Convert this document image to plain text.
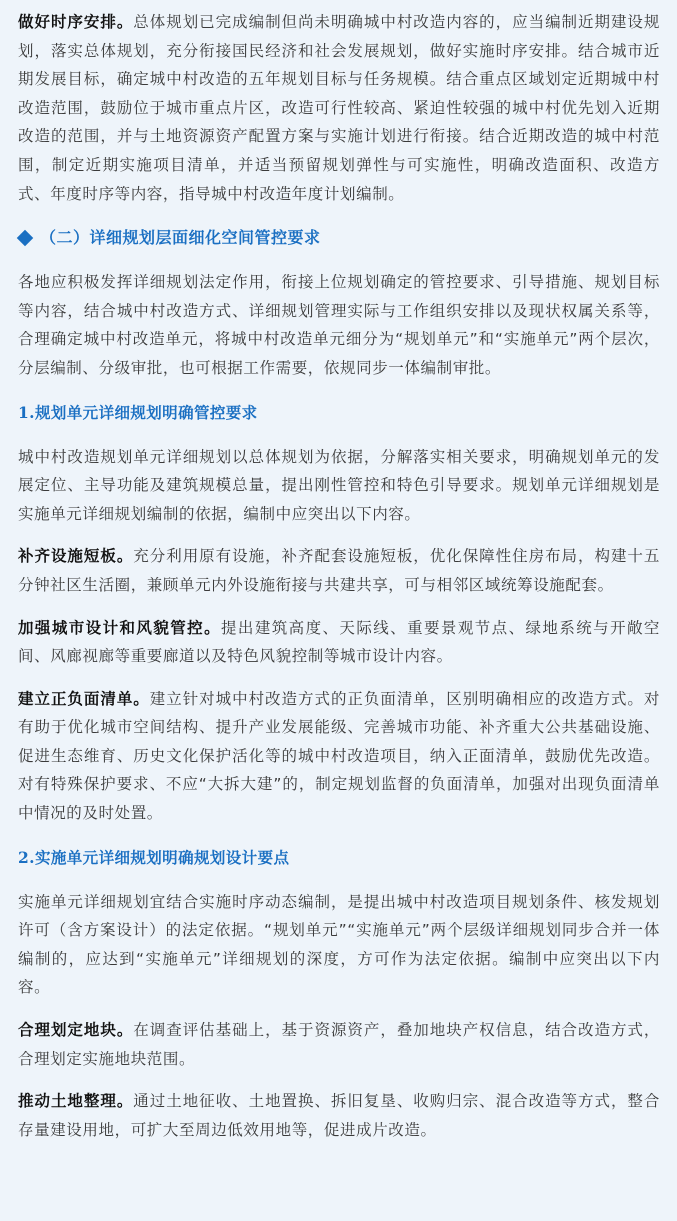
做好时序安排。总体规划已完成编制但尚未明确城中村改造内容的，应当编制近期建设规划，落实总体规划，充分衔接国民经济和社会发展规划，做好实施时序安排。结合城市近期发展目标，确定城中村改造的五年规划目标与任务规模。结合重点区域划定近期城中村改造范围，鼓励位于城市重点片区，改造可行性较高、紧迫性较强的城中村优先划入近期改造的范围，并与土地资源资产配置方案与实施计划进行衔接。结合近期改造的城中村范围，制定近期实施项目清单，并适当预留规划弹性与可实施性，明确改造面积、改造方式、年度时序等内容，指导城中村改造年度计划编制。

（二）详细规划层面细化空间管控要求

各地应积极发挥详细规划法定作用，衔接上位规划确定的管控要求、引导措施、规划目标等内容，结合城中村改造方式、详细规划管理实际与工作组织安排以及现状权属关系等，合理确定城中村改造单元，将城中村改造单元细分为“规划单元”和“实施单元”两个层次，分层编制、分级审批，也可根据工作需要，依规同步一体编制审批。

1.规划单元详细规划明确管控要求

城中村改造规划单元详细规划以总体规划为依据，分解落实相关要求，明确规划单元的发展定位、主导功能及建筑规模总量，提出刚性管控和特色引导要求。规划单元详细规划是实施单元详细规划编制的依据，编制中应突出以下内容。

补齐设施短板。充分利用原有设施，补齐配套设施短板，优化保障性住房布局，构建十五分钟社区生活圈，兼顾单元内外设施衔接与共建共享，可与相邻区域统筹设施配套。

加强城市设计和风貌管控。提出建筑高度、天际线、重要景观节点、绿地系统与开敞空间、风廊视廊等重要廊道以及特色风貌控制等城市设计内容。

建立正负面清单。建立针对城中村改造方式的正负面清单，区别明确相应的改造方式。对有助于优化城市空间结构、提升产业发展能级、完善城市功能、补齐重大公共基础设施、促进生态维育、历史文化保护活化等的城中村改造项目，纳入正面清单，鼓励优先改造。对有特殊保护要求、不应“大拆大建”的，制定规划监督的负面清单，加强对出现负面清单中情况的及时处置。

2.实施单元详细规划明确规划设计要点

实施单元详细规划宜结合实施时序动态编制，是提出城中村改造项目规划条件、核发规划许可（含方案设计）的法定依据。“规划单元”“实施单元”两个层级详细规划同步合并一体编制的，应达到“实施单元”详细规划的深度，方可作为法定依据。编制中应突出以下内容。

合理划定地块。在调查评估基础上，基于资源资产，叠加地块产权信息，结合改造方式，合理划定实施地块范围。

推动土地整理。通过土地征收、土地置换、拆旧复垦、收购归宗、混合改造等方式，整合存量建设用地，可扩大至周边低效用地等，促进成片改造。
